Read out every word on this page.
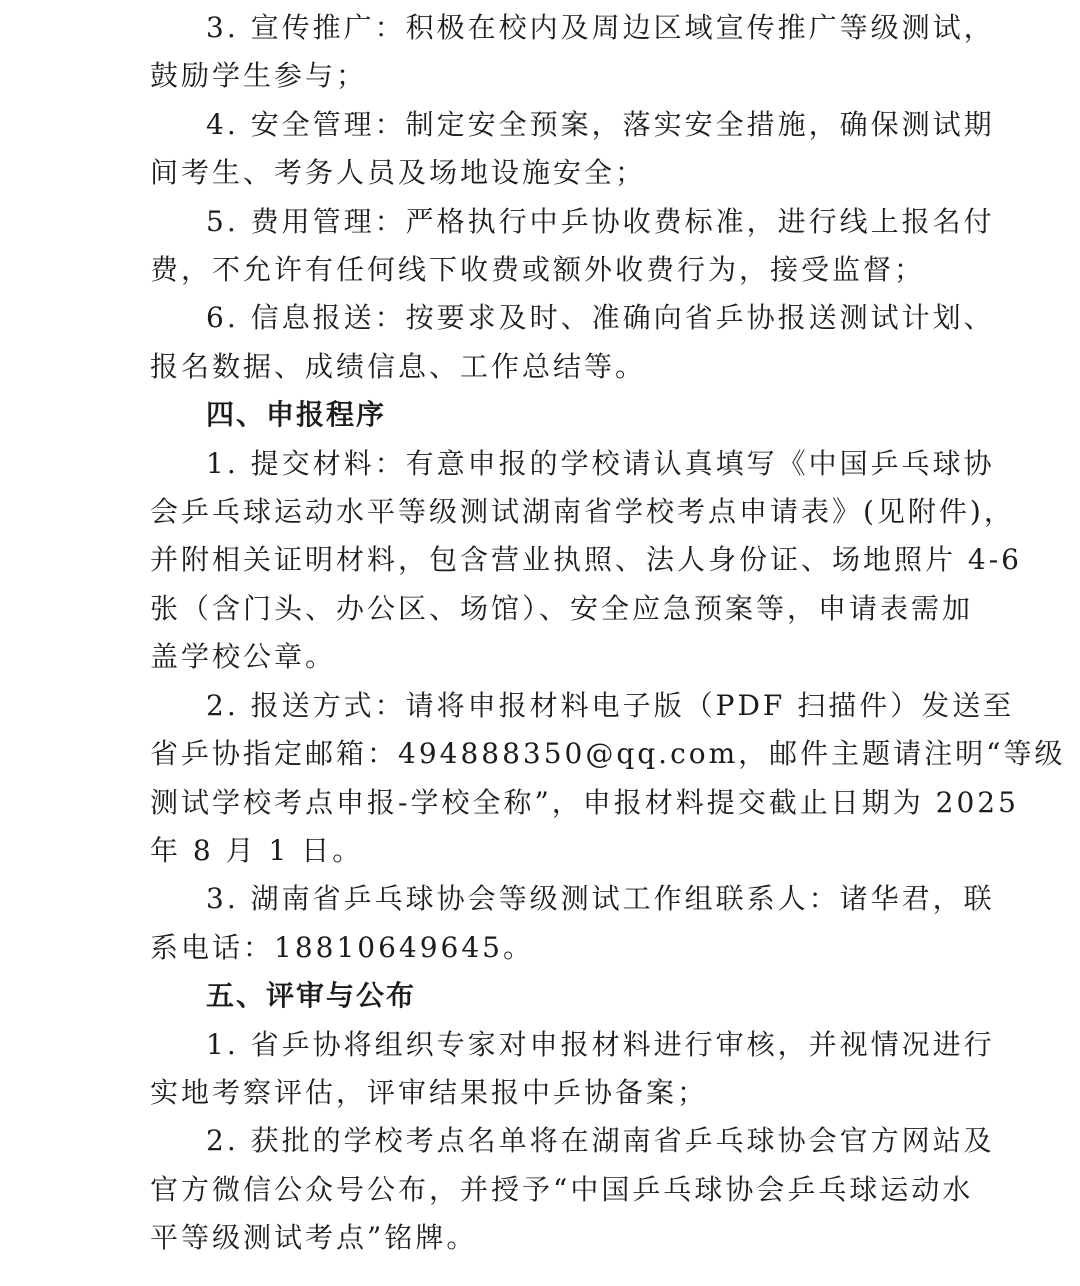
3. 宣传推广：积极在校内及周边区域宣传推广等级测试，
鼓励学生参与；
4. 安全管理：制定安全预案，落实安全措施，确保测试期
间考生、考务人员及场地设施安全；
5. 费用管理：严格执行中乒协收费标准，进行线上报名付
费，不允许有任何线下收费或额外收费行为，接受监督；
6. 信息报送：按要求及时、准确向省乒协报送测试计划、
报名数据、成绩信息、工作总结等。
四、申报程序
1. 提交材料：有意申报的学校请认真填写《中国乒乓球协
会乒乓球运动水平等级测试湖南省学校考点申请表》(见附件)，
并附相关证明材料，包含营业执照、法人身份证、场地照片 4-6
张（含门头、办公区、场馆）、安全应急预案等，申请表需加
盖学校公章。
2. 报送方式：请将申报材料电子版（PDF 扫描件）发送至
省乒协指定邮箱：494888350@qq.com，邮件主题请注明“等级
测试学校考点申报-学校全称”，申报材料提交截止日期为 2025
年 8 月 1 日。
3. 湖南省乒乓球协会等级测试工作组联系人：诸华君，联
系电话：18810649645。
五、评审与公布
1. 省乒协将组织专家对申报材料进行审核，并视情况进行
实地考察评估，评审结果报中乒协备案；
2. 获批的学校考点名单将在湖南省乒乓球协会官方网站及
官方微信公众号公布，并授予“中国乒乓球协会乒乓球运动水
平等级测试考点”铭牌。
